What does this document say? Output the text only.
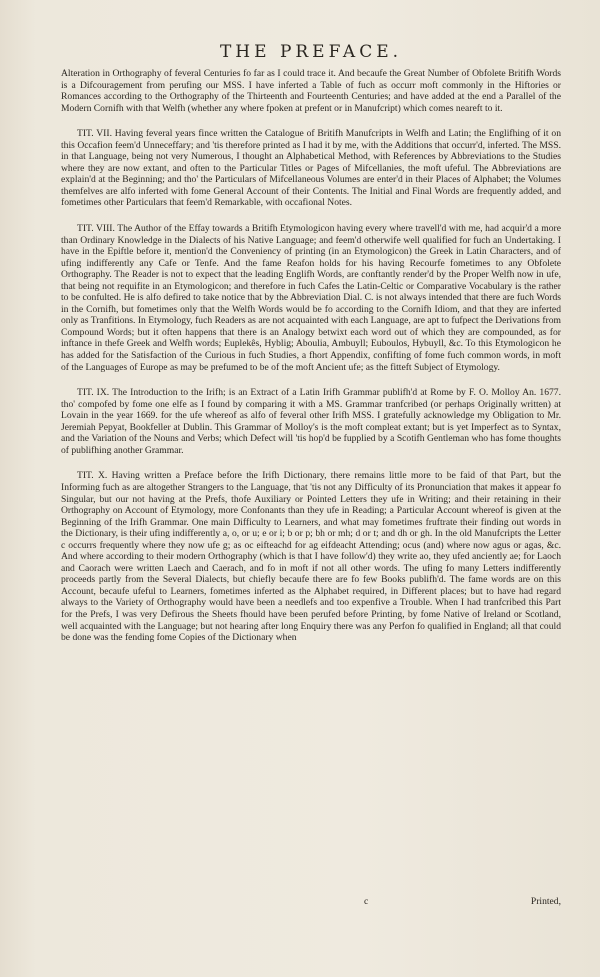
THE PREFACE.

Alteration in Orthography of feveral Centuries fo far as I could trace it. And becaufe the Great Number of Obfolete Britifh Words is a Difcouragement from perufing our MSS. I have inferted a Table of fuch as occurr moft commonly in the Hiftories or Romances according to the Orthography of the Thirteenth and Fourteenth Centuries; and have added at the end a Parallel of the Modern Cornifh with that Welfh (whether any where fpoken at prefent or in Manufcript) which comes neareft to it.

TIT. VII. Having feveral years fince written the Catalogue of Britifh Manufcripts in Welfh and Latin; the Englifhing of it on this Occafion feem'd Unneceffary; and 'tis therefore printed as I had it by me, with the Additions that occurr'd, inferted. The MSS. in that Language, being not very Numerous, I thought an Alphabetical Method, with References by Abbreviations to the Studies where they are now extant, and often to the Particular Titles or Pages of Mifcellanies, the moft ufeful. The Abbreviations are explain'd at the Beginning; and tho' the Particulars of Mifcellaneous Volumes are enter'd in their Places of Alphabet; the Volumes themfelves are alfo inferted with fome General Account of their Contents. The Initial and Final Words are frequently added, and fometimes other Particulars that feem'd Remarkable, with occafional Notes.

TIT. VIII. The Author of the Effay towards a Britifh Etymologicon having every where travell'd with me, had acquir'd a more than Ordinary Knowledge in the Dialects of his Native Language; and feem'd otherwife well qualified for fuch an Undertaking. I have in the Epiftle before it, mention'd the Conveniency of printing (in an Etymologicon) the Greek in Latin Characters, and of ufing indifferently any Cafe or Tenfe. And the fame Reafon holds for his having Recourfe fometimes to any Obfolete Orthography. The Reader is not to expect that the leading Englifh Words, are conftantly render'd by the Proper Welfh now in ufe, that being not requifite in an Etymologicon; and therefore in fuch Cafes the Latin-Celtic or Comparative Vocabulary is the rather to be confulted. He is alfo defired to take notice that by the Abbreviation Dial. C. is not always intended that there are fuch Words in the Cornifh, but fometimes only that the Welfh Words would be fo according to the Cornifh Idiom, and that they are inferted only as Tranfitions. In Etymology, fuch Readers as are not acquainted with each Language, are apt to fufpect the Derivations from Compound Words; but it often happens that there is an Analogy betwixt each word out of which they are compounded, as for inftance in thefe Greek and Welfh words; Euplekês, Hyblig; Aboulia, Ambuyll; Euboulos, Hybuyll, &c. To this Etymologicon he has added for the Satisfaction of the Curious in fuch Studies, a fhort Appendix, confifting of fome fuch common words, in moft of the Languages of Europe as may be prefumed to be of the moft Ancient ufe; as the fitteft Subject of Etymology.

TIT. IX. The Introduction to the Irifh; is an Extract of a Latin Irifh Grammar publifh'd at Rome by F. O. Molloy An. 1677. tho' compofed by fome one elfe as I found by comparing it with a MS. Grammar tranfcribed (or perhaps Originally written) at Lovain in the year 1669. for the ufe whereof as alfo of feveral other Irifh MSS. I gratefully acknowledge my Obligation to Mr. Jeremiah Pepyat, Bookfeller at Dublin. This Grammar of Molloy's is the moft compleat extant; but is yet Imperfect as to Syntax, and the Variation of the Nouns and Verbs; which Defect will 'tis hop'd be fupplied by a Scotifh Gentleman who has fome thoughts of publifhing another Grammar.

TIT. X. Having written a Preface before the Irifh Dictionary, there remains little more to be faid of that Part, but the Informing fuch as are altogether Strangers to the Language, that 'tis not any Difficulty of its Pronunciation that makes it appear fo Singular, but our not having at the Prefs, thofe Auxiliary or Pointed Letters they ufe in Writing; and their retaining in their Orthography on Account of Etymology, more Confonants than they ufe in Reading; a Particular Account whereof is given at the Beginning of the Irifh Grammar. One main Difficulty to Learners, and what may fometimes fruftrate their finding out words in the Dictionary, is their ufing indifferently a, o, or u; e or i; b or p; bh or mh; d or t; and dh or gh. In the old Manufcripts the Letter c occurrs frequently where they now ufe g; as oc eifteachd for ag eifdeacht Attending; ocus (and) where now agus or agas, &c. And where according to their modern Orthography (which is that I have follow'd) they write ao, they ufed anciently ae; for Laoch and Caorach were written Laech and Caerach, and fo in moft if not all other words. The ufing fo many Letters indifferently proceeds partly from the Several Dialects, but chiefly becaufe there are fo few Books publifh'd. The fame words are on this Account, becaufe ufeful to Learners, fometimes inferted as the Alphabet required, in Different places; but to have had regard always to the Variety of Orthography would have been a needlefs and too expenfive a Trouble. When I had tranfcribed this Part for the Prefs, I was very Defirous the Sheets fhould have been perufed before Printing, by fome Native of Ireland or Scotland, well acquainted with the Language; but not hearing after long Enquiry there was any Perfon fo qualified in England; all that could be done was the fending fome Copies of the Dictionary when

c	Printed,
